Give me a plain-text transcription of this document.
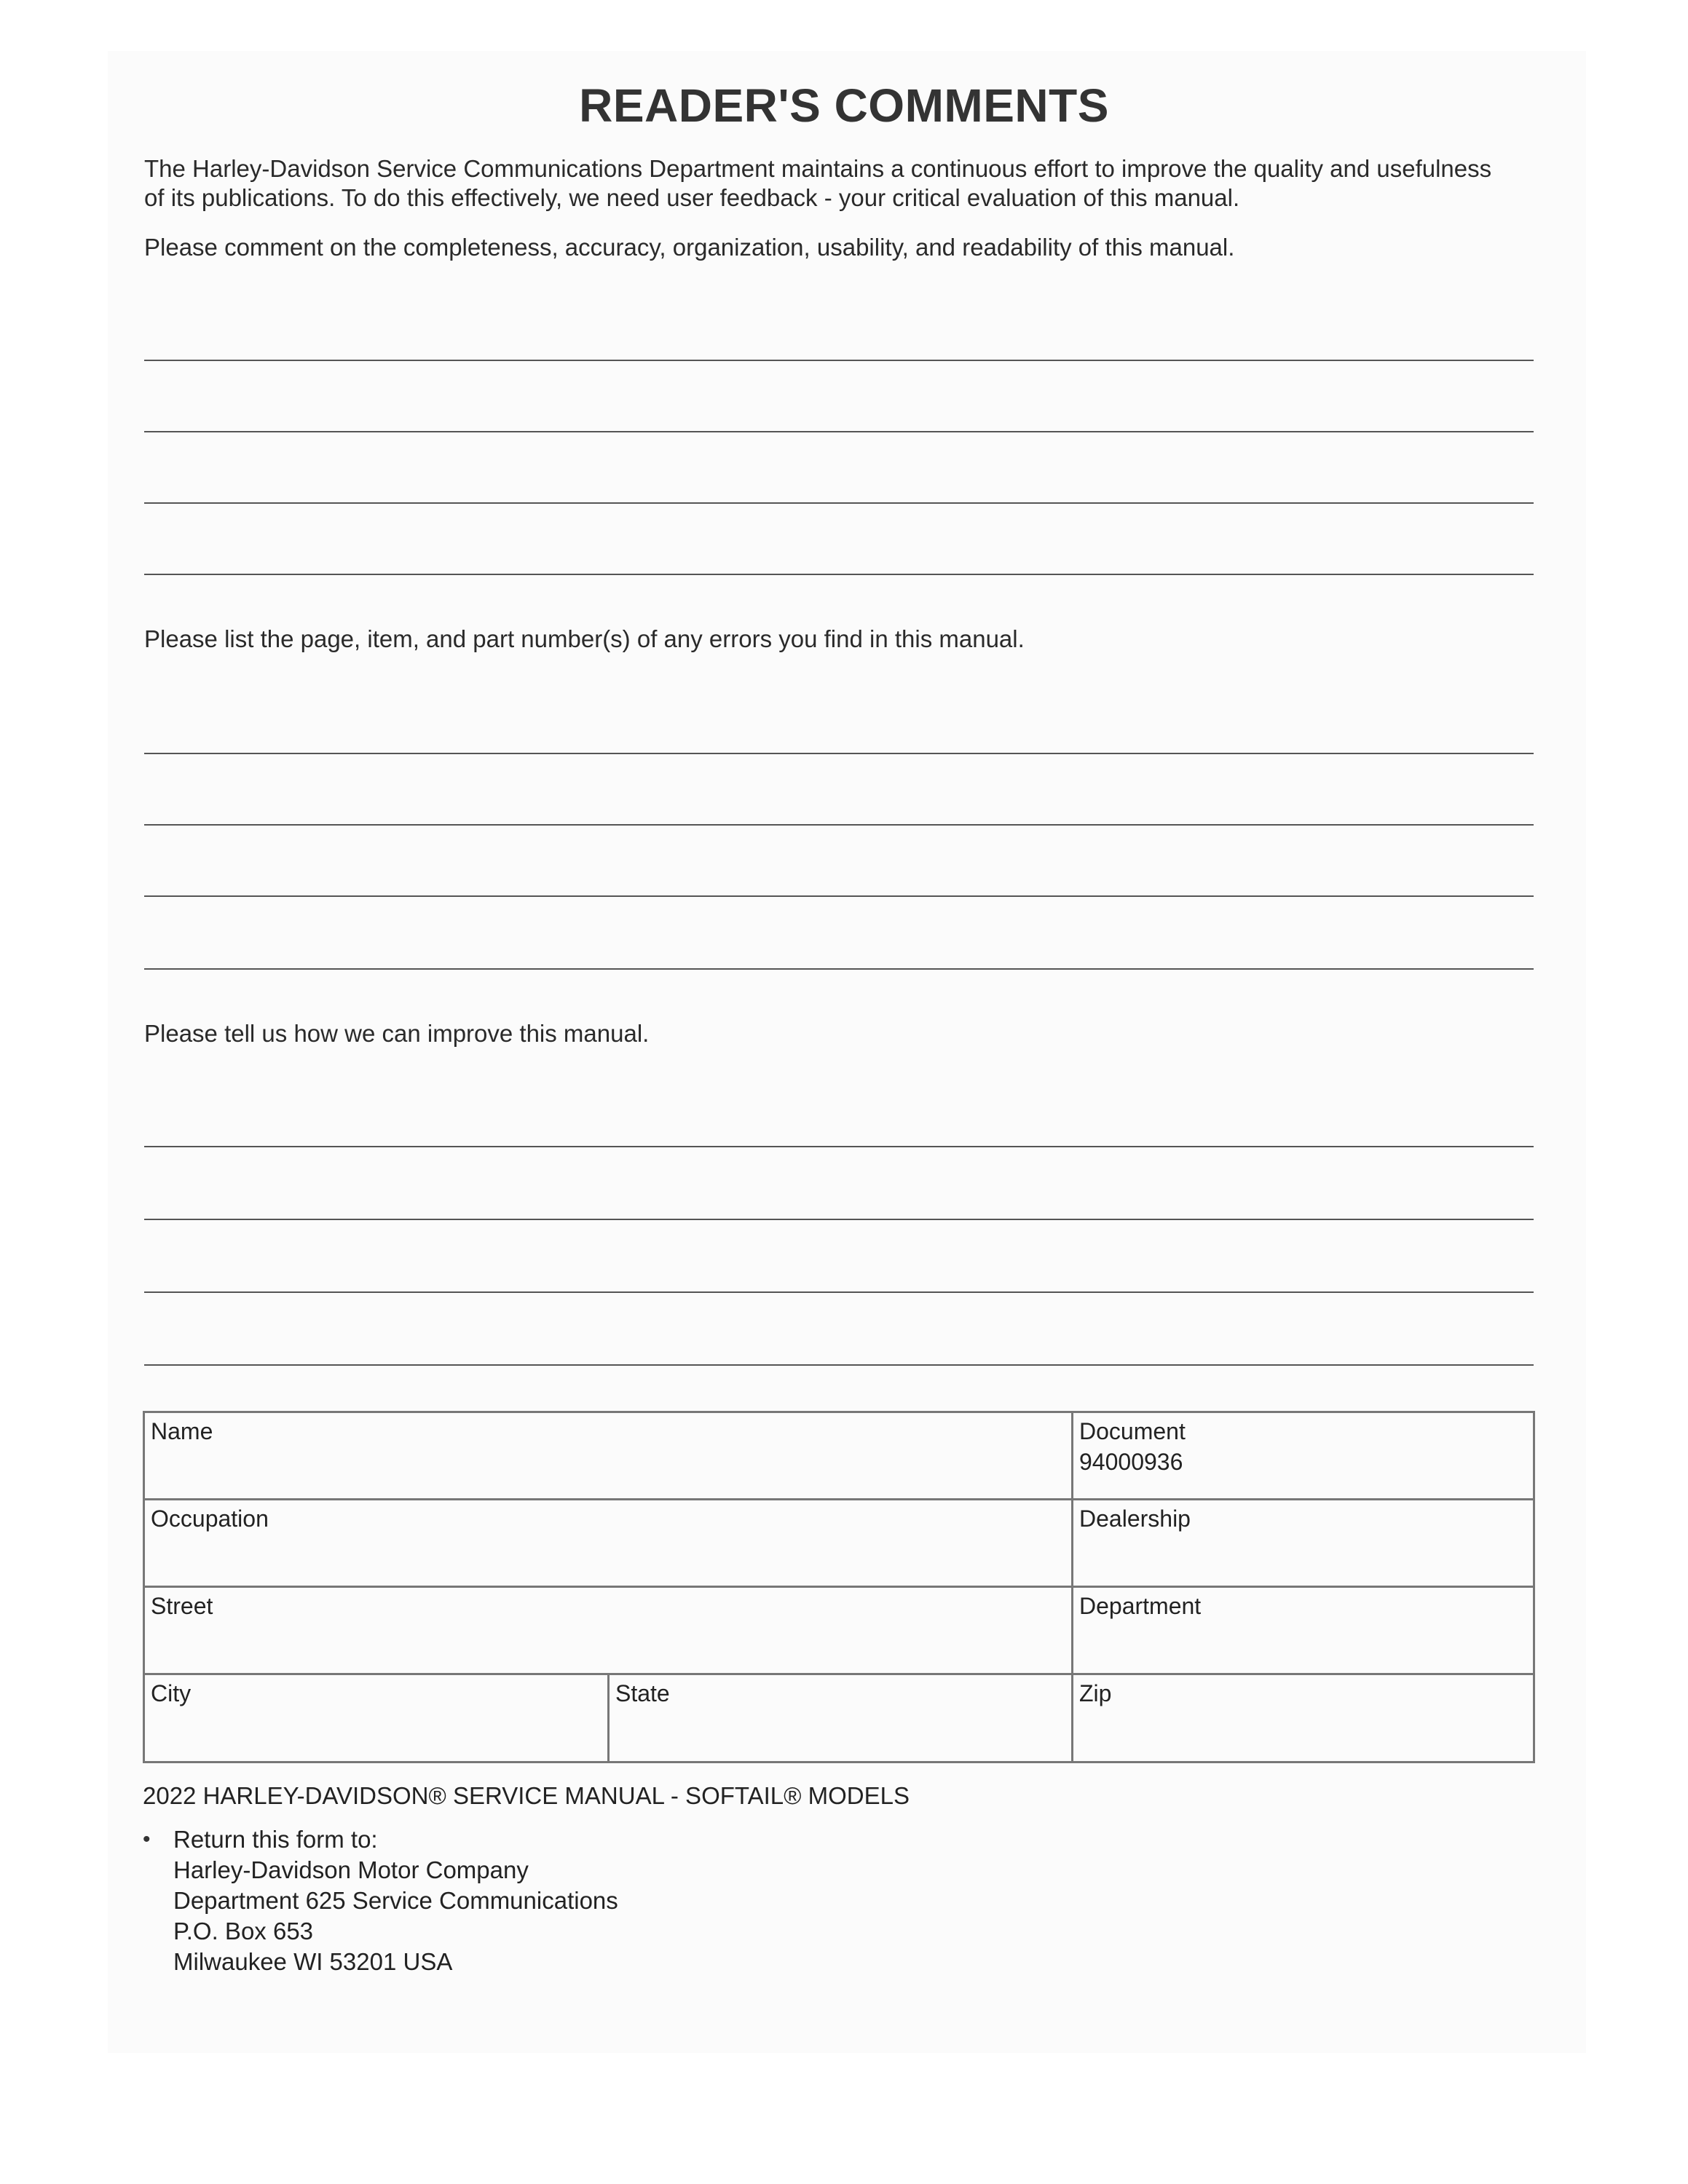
READER'S COMMENTS
The Harley-Davidson Service Communications Department maintains a continuous effort to improve the quality and usefulness
of its publications. To do this effectively, we need user feedback - your critical evaluation of this manual.
Please comment on the completeness, accuracy, organization, usability, and readability of this manual.
Please list the page, item, and part number(s) of any errors you find in this manual.
Please tell us how we can improve this manual.
Name	Document
94000936
Occupation	Dealership
Street	Department
City	State	Zip
2022 HARLEY-DAVIDSON® SERVICE MANUAL - SOFTAIL® MODELS
• Return this form to:
Harley-Davidson Motor Company
Department 625 Service Communications
P.O. Box 653
Milwaukee WI 53201 USA
